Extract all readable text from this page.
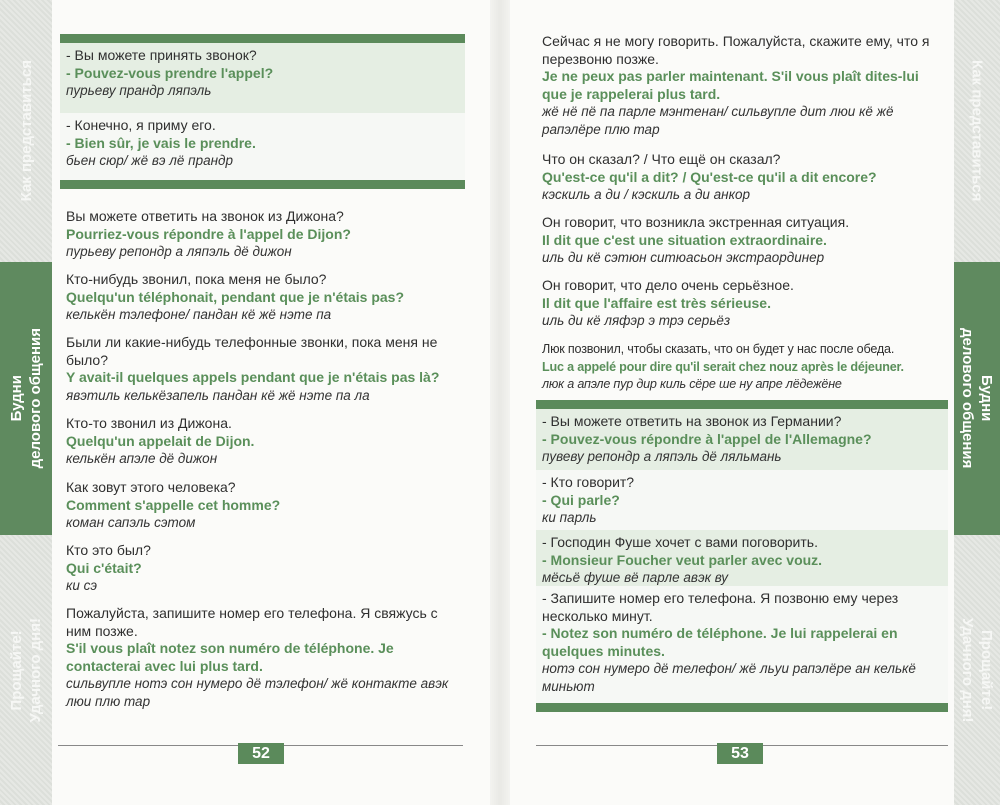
Как представиться
Будни
делового общения
Прощайте!
Удачного дня!
- Вы можете принять звонок?
- Pouvez-vous prendre l'appel?
пурьеву прандр ляпэль
- Конечно, я приму его.
- Bien sûr, je vais le prendre.
бьен сюр/ жё вэ лё прандр
Вы можете ответить на звонок из Дижона?
Pourriez-vous répondre à l'appel de Dijon?
пурьеву репондр а ляпэль дё дижон
Кто-нибудь звонил, пока меня не было?
Quelqu'un téléphonait, pendant que je n'étais pas?
келькён тэлефоне/ пандан кё жё нэте па
Были ли какие-нибудь телефонные звонки, пока меня не было?
Y avait-il quelques appels pendant que je n'étais pas là?
явэтиль келькёзапель пандан кё жё нэте па ла
Кто-то звонил из Дижона.
Quelqu'un appelait de Dijon.
келькён апэле дё дижон
Как зовут этого человека?
Comment s'appelle cet homme?
коман сапэль сэтом
Кто это был?
Qui c'était?
ки сэ
Пожалуйста, запишите номер его телефона. Я свяжусь с ним позже.
S'il vous plaît notez son numéro de téléphone. Je contacterai avec lui plus tard.
сильвупле нотэ сон нумеро дё тэлефон/ жё контакте авэк люи плю тар
52
Как представиться
Будни
делового общения
Прощайте!
Удачного дня!
Сейчас я не могу говорить. Пожалуйста, скажите ему, что я перезвоню позже.
Je ne peux pas parler maintenant. S'il vous plaît dites-lui que je rappelerai plus tard.
жё нё пё па парле мэнтенан/ сильвупле дит люи кё жё рапэлёре плю тар
Что он сказал? / Что ещё он сказал?
Qu'est-ce qu'il a dit? / Qu'est-ce qu'il a dit encore?
кэскиль а ди / кэскиль а ди анкор
Он говорит, что возникла экстренная ситуация.
Il dit que c'est une situation extraordinaire.
иль ди кё сэтюн ситюасьон экстраординер
Он говорит, что дело очень серьёзное.
Il dit que l'affaire est très sérieuse.
иль ди кё ляфэр э трэ серьёз
Люк позвонил, чтобы сказать, что он будет у нас после обеда.
Luc a appelé pour dire qu'il serait chez nouz après le déjeuner.
люк а апэле пур дир киль сёре ше ну апре лёдежёне
- Вы можете ответить на звонок из Германии?
- Pouvez-vous répondre à l'appel de l'Allemagne?
пувеву репондр а ляпэль дё ляльмань
- Кто говорит?
- Qui parle?
ки парль
- Господин Фуше хочет с вами поговорить.
- Monsieur Foucher veut parler avec vouz.
мёсьё фуше вё парле авэк ву
- Запишите номер его телефона. Я позвоню ему через несколько минут.
- Notez son numéro de téléphone. Je lui rappelerai en quelques minutes.
нотэ сон нумеро дё телефон/ жё льуи рапэлёре ан келькё миньют
53
